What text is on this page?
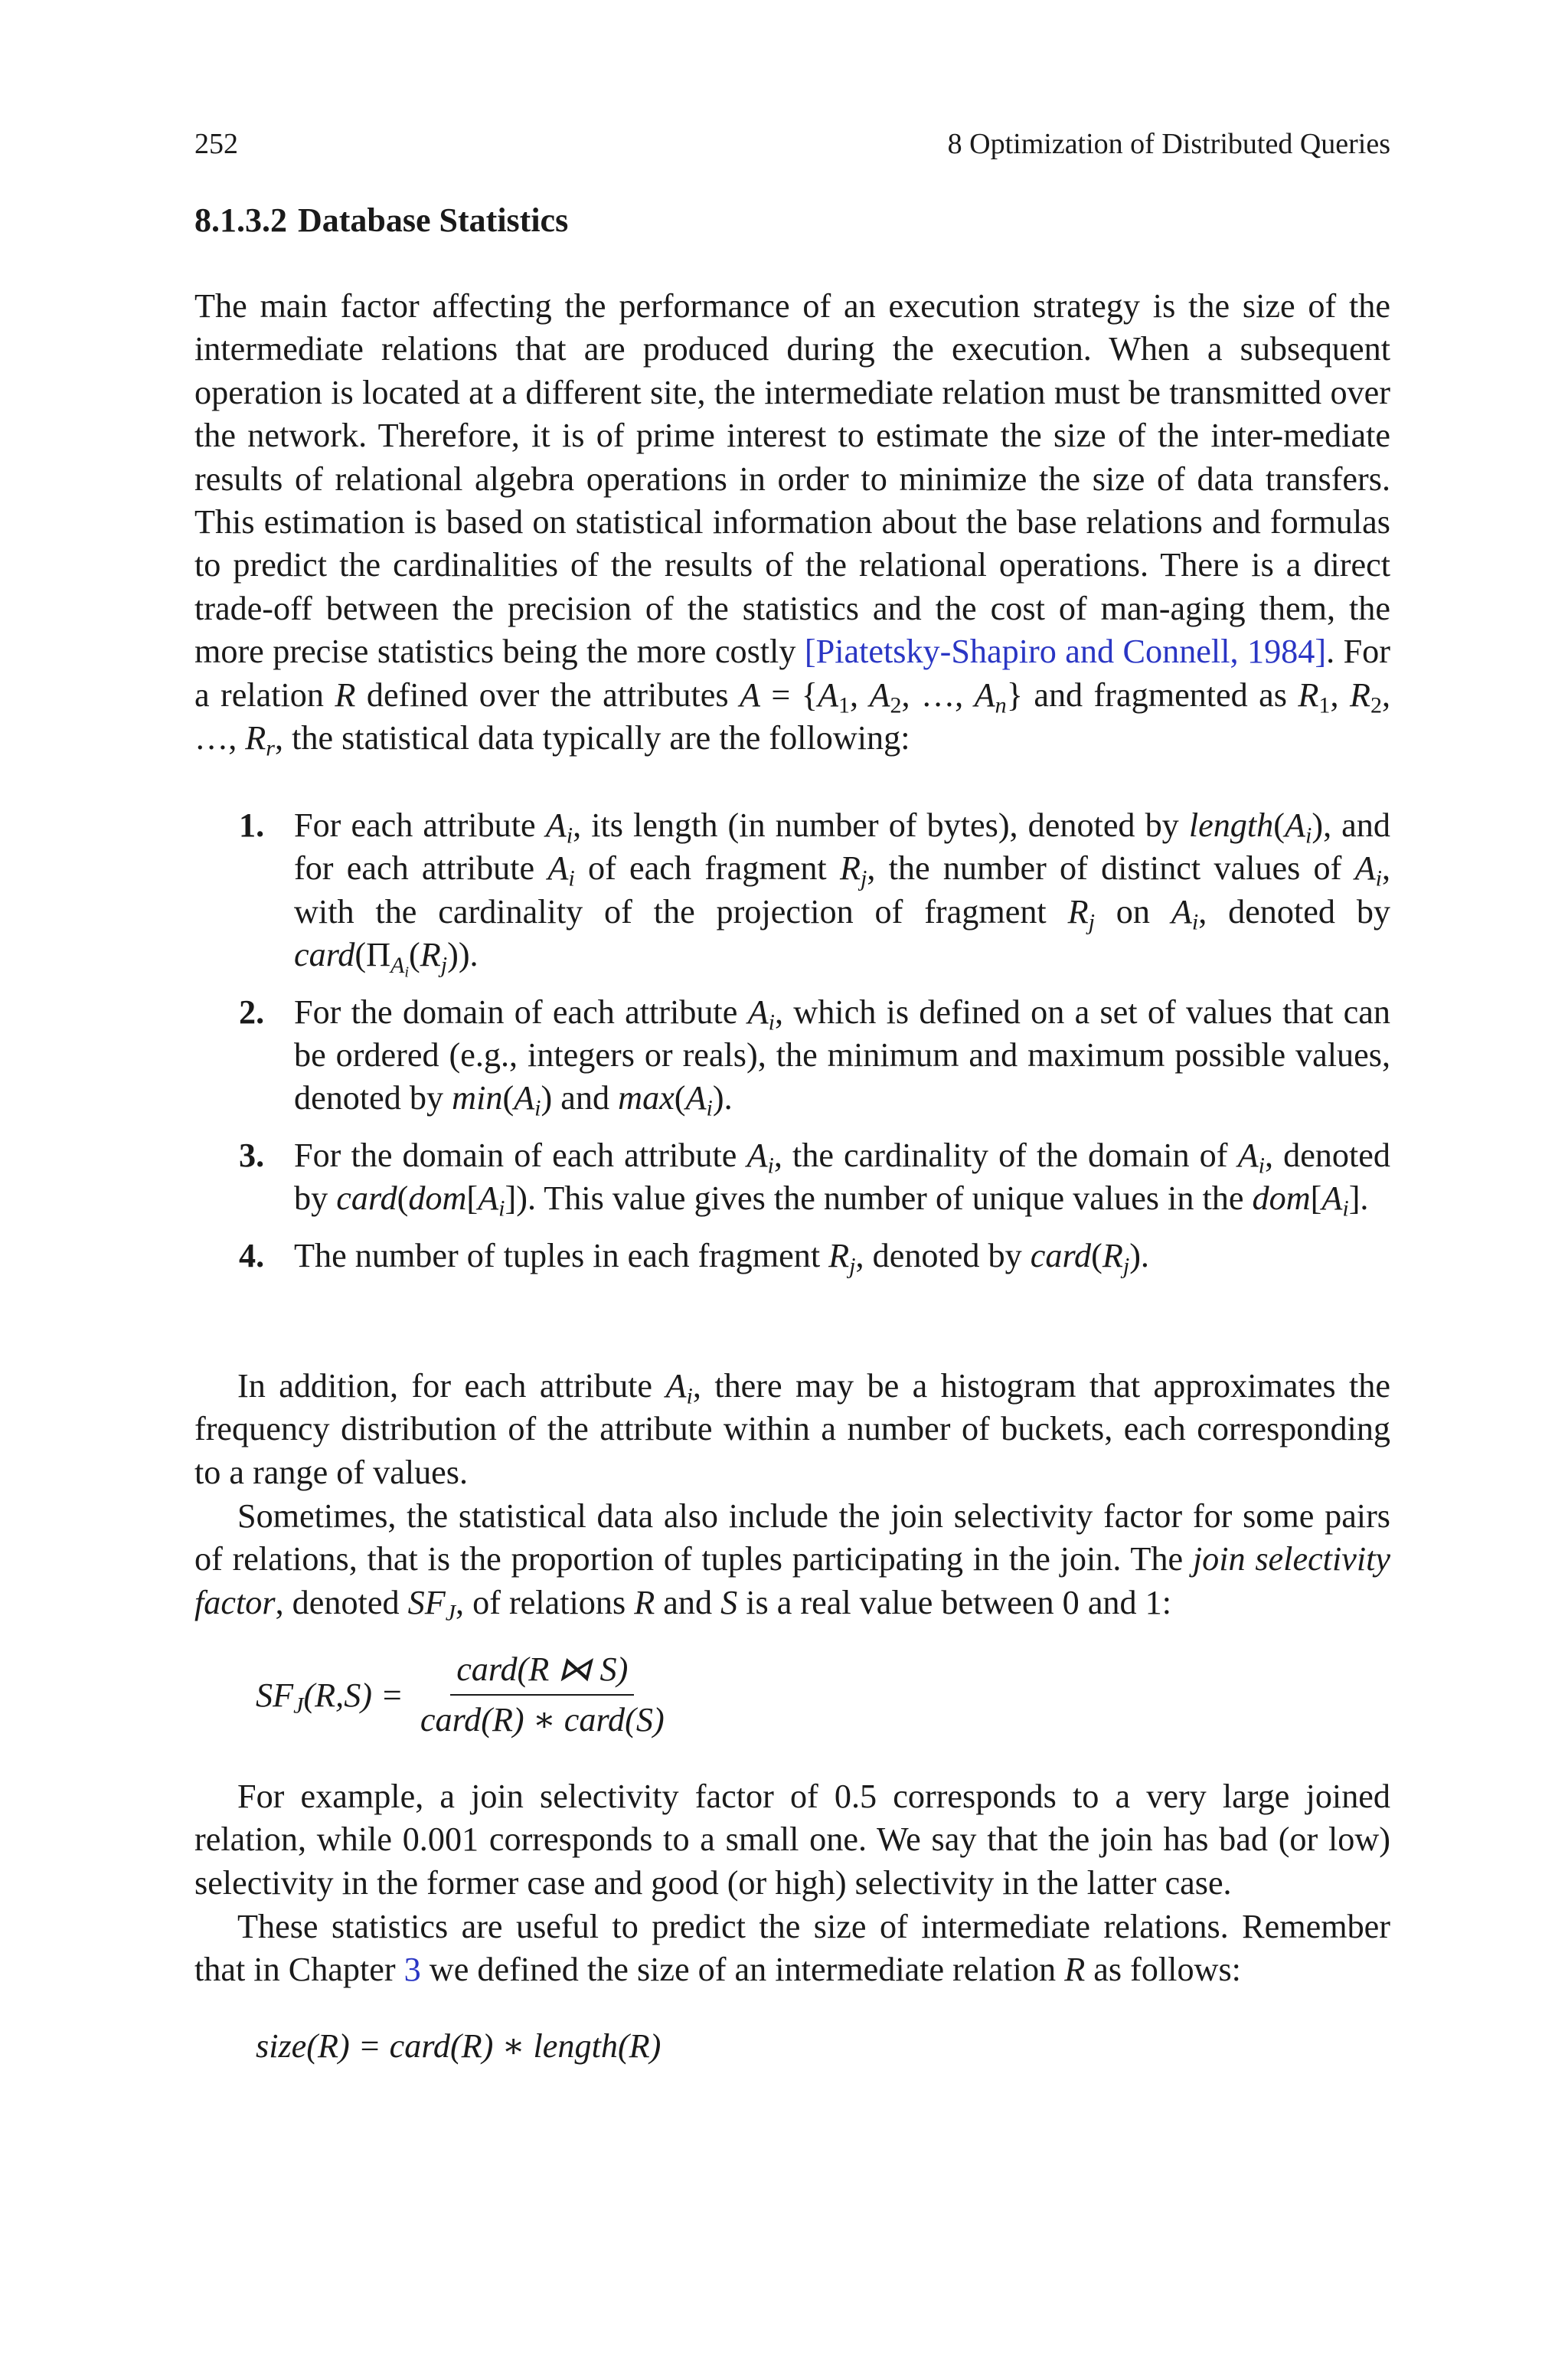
252	8 Optimization of Distributed Queries
8.1.3.2 Database Statistics

The main factor affecting the performance of an execution strategy is the size of the intermediate relations that are produced during the execution. When a subsequent operation is located at a different site, the intermediate relation must be transmitted over the network. Therefore, it is of prime interest to estimate the size of the inter-mediate results of relational algebra operations in order to minimize the size of data transfers. This estimation is based on statistical information about the base relations and formulas to predict the cardinalities of the results of the relational operations. There is a direct trade-off between the precision of the statistics and the cost of man-aging them, the more precise statistics being the more costly [Piatetsky-Shapiro and Connell, 1984]. For a relation R defined over the attributes $A = \{A_1$, $A_2$, …, $A_n$} and fragmented as $R_1$, $R_2$, …, $R_r$, the statistical data typically are the following:

1. For each attribute $A_i$, its length (in number of bytes), denoted by $length(A_i)$, and for each attribute $A_i$ of each fragment $R_j$, the number of distinct values of $A_i$, with the cardinality of the projection of fragment $R_j$ on $A_i$, denoted by $card(\Pi_{A_i}(R_j))$.
2. For the domain of each attribute $A_i$, which is defined on a set of values that can be ordered (e.g., integers or reals), the minimum and maximum possible values, denoted by $\min(A_i)$ and $\max(A_i)$.
3. For the domain of each attribute $A_i$, the cardinality of the domain of $A_i$, denoted by $card(dom[A_i])$. This value gives the number of unique values in the $dom[A_i]$.
4. The number of tuples in each fragment $R_j$, denoted by $card(R_j)$.

In addition, for each attribute $A_i$, there may be a histogram that approximates the frequency distribution of the attribute within a number of buckets, each corresponding to a range of values.

Sometimes, the statistical data also include the join selectivity factor for some pairs of relations, that is the proportion of tuples participating in the join. The join selectivity factor, denoted $SF_J$, of relations R and S is a real value between 0 and 1:

$SF_J(R,S) = \frac{\text{card(R ⋈ S)}}{\text{card(R) ∗ card(S)}}$

For example, a join selectivity factor of 0.5 corresponds to a very large joined relation, while 0.001 corresponds to a small one. We say that the join has bad (or low) selectivity in the former case and good (or high) selectivity in the latter case.

These statistics are useful to predict the size of intermediate relations. Remember that in Chapter 3 we defined the size of an intermediate relation R as follows:

size(R) = card(R) ∗ length(R)
